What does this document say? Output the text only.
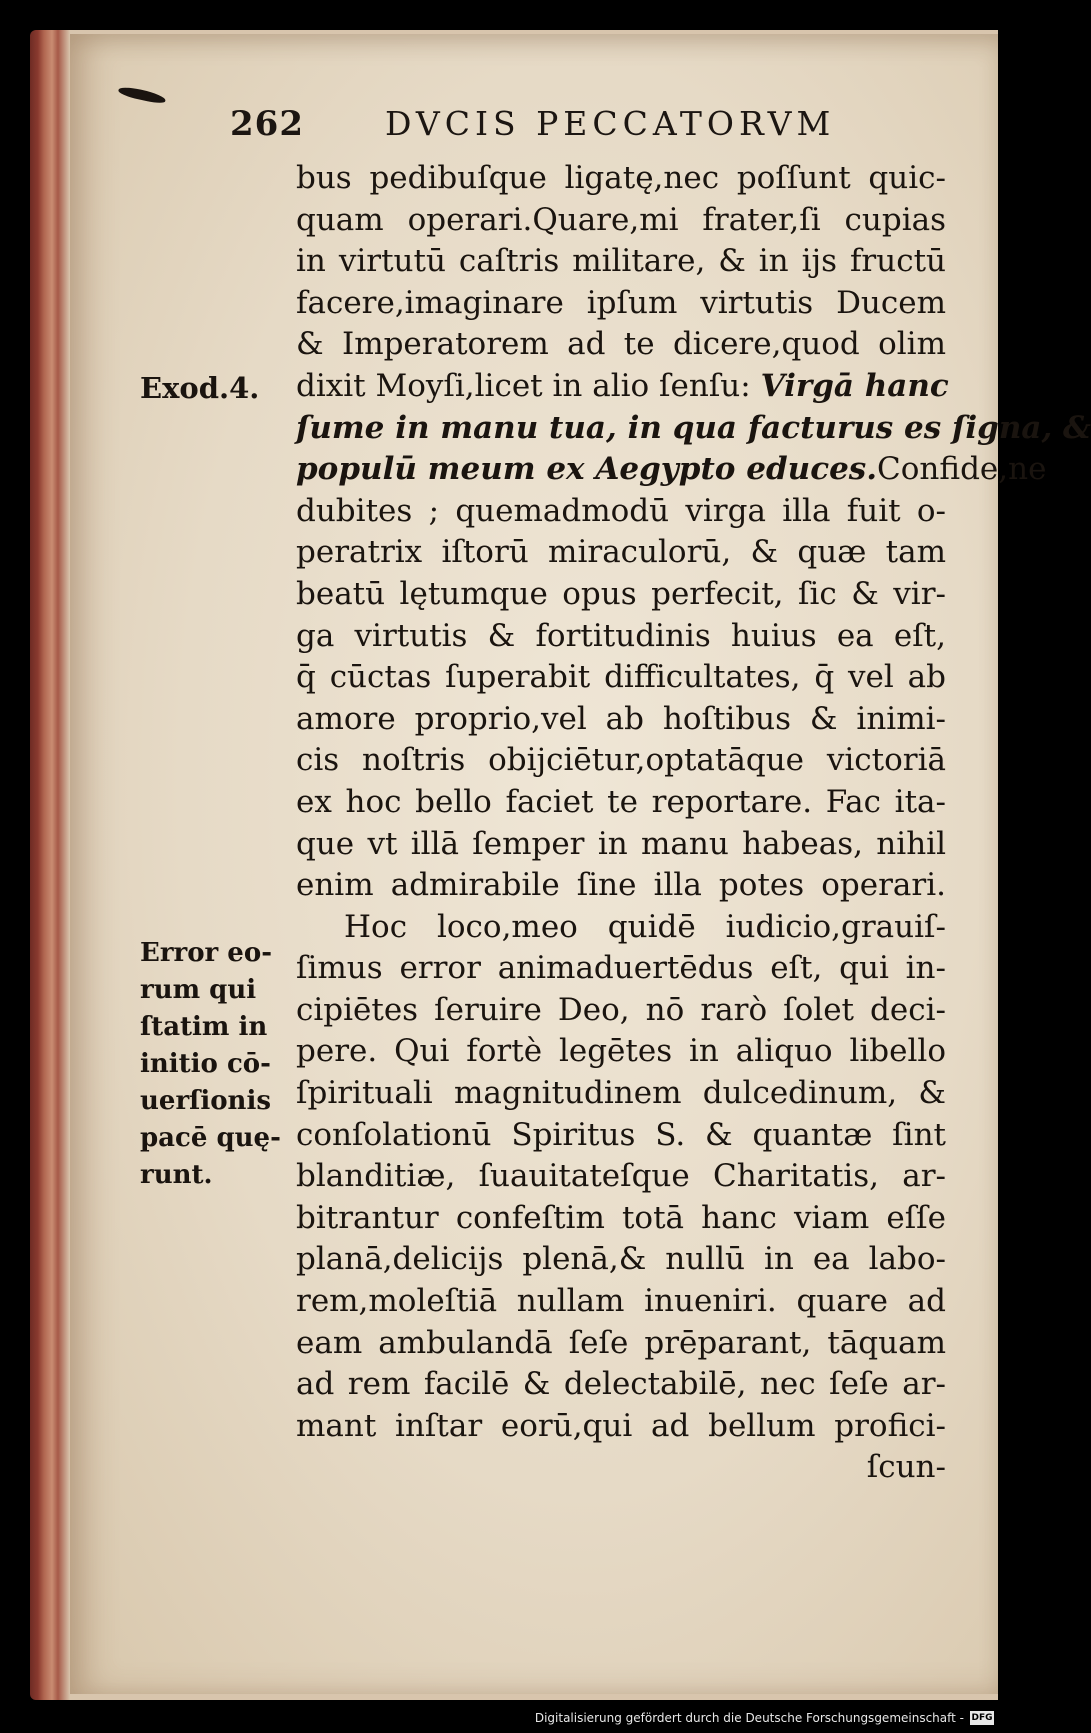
262 DVCIS PECCATORVM
Exod.4.
Error eo-
rum qui
ſtatim in
initio cō-
uerſionis
pacē quę-
runt.
bus pedibuſque ligatę,nec poſſunt quic-
quam operari.Quare,mi frater,ſi cupias
in virtutū caſtris militare, & in ijs fructū
facere,imaginare ipſum virtutis Ducem
& Imperatorem ad te dicere,quod olim
dixit Moyſi,licet in alio ſenſu: Virgā hanc
ſume in manu tua, in qua facturus es ſigna, &
populū meum ex Aegypto educes.Confide,ne
dubites ; quemadmodū virga illa fuit o-
peratrix iſtorū miraculorū, & quæ tam
beatū lętumque opus perfecit, ſic & vir-
ga virtutis & fortitudinis huius ea eſt,
q̄ cūctas ſuperabit difficultates, q̄ vel ab
amore proprio,vel ab hoſtibus & inimi-
cis noſtris obijciētur,optatāque victoriā
ex hoc bello faciet te reportare. Fac ita-
que vt illā ſemper in manu habeas, nihil
enim admirabile ſine illa potes operari.
Hoc loco,meo quidē iudicio,grauiſ-
ſimus error animaduertēdus eſt, qui in-
cipiētes ſeruire Deo, nō rarò ſolet deci-
pere. Qui fortè legētes in aliquo libello
ſpirituali magnitudinem dulcedinum, &
conſolationū Spiritus S. & quantæ ſint
blanditiæ, ſuauitateſque Charitatis, ar-
bitrantur confeſtim totā hanc viam eſſe
planā,delicijs plenā,& nullū in ea labo-
rem,moleſtiā nullam inueniri. quare ad
eam ambulandā ſeſe prēparant, tāquam
ad rem facilē & delectabilē, nec ſeſe ar-
mant inſtar eorū,qui ad bellum profici-
ſcun-
Digitalisierung gefördert durch die Deutsche Forschungsgemeinschaft - DFG
